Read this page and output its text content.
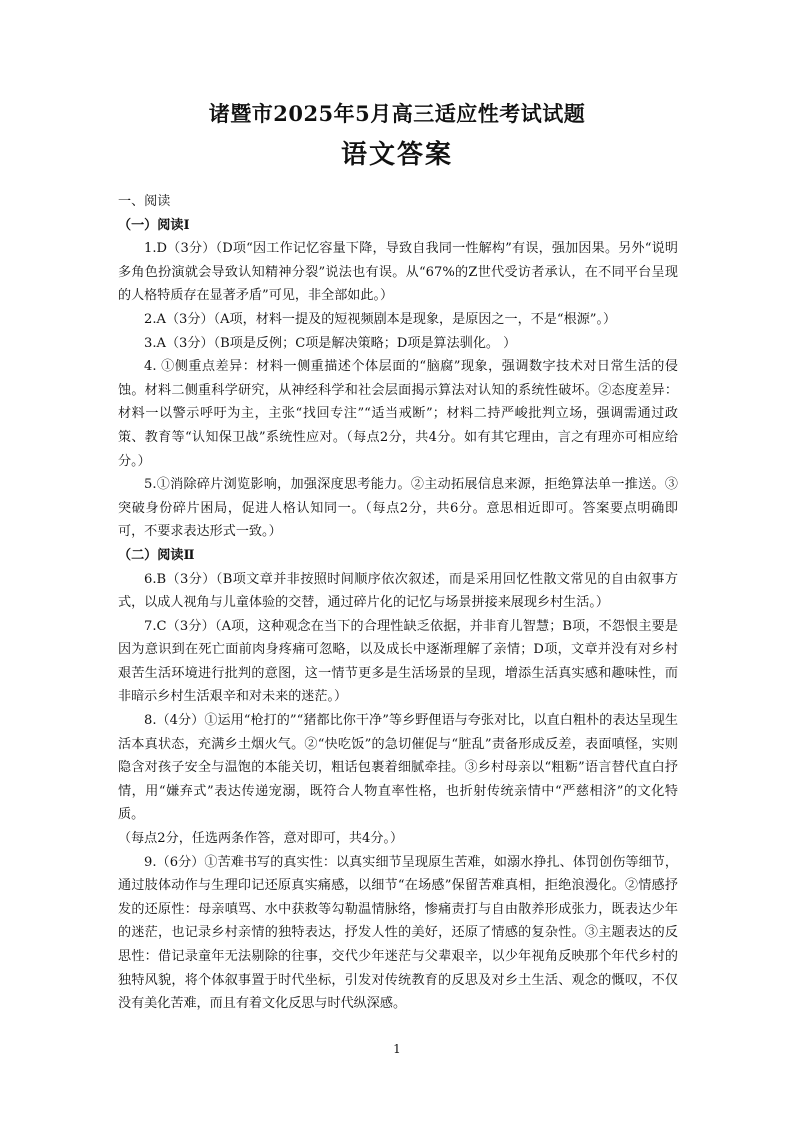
诸暨市2025年5月高三适应性考试试题
语文答案

一、阅读

（一）阅读Ⅰ

1.D（3分）（D项“因工作记忆容量下降，导致自我同一性解构”有误，强加因果。另外“说明多角色扮演就会导致认知精神分裂”说法也有误。从“67%的Z世代受访者承认，在不同平台呈现的人格特质存在显著矛盾”可见，非全部如此。）

2.A（3分）（A项，材料一提及的短视频剧本是现象，是原因之一，不是“根源”。）

3.A（3分）（B项是反例；C项是解决策略；D项是算法驯化。 ）

4. ①侧重点差异：材料一侧重描述个体层面的“脑腐”现象，强调数字技术对日常生活的侵蚀。材料二侧重科学研究，从神经科学和社会层面揭示算法对认知的系统性破坏。②态度差异：材料一以警示呼吁为主，主张“找回专注”“适当戒断”；材料二持严峻批判立场，强调需通过政策、教育等“认知保卫战”系统性应对。（每点2分，共4分。如有其它理由，言之有理亦可相应给分。）

5.①消除碎片浏览影响，加强深度思考能力。②主动拓展信息来源，拒绝算法单一推送。③突破身份碎片困局，促进人格认知同一。（每点2分，共6分。意思相近即可。答案要点明确即可，不要求表达形式一致。）

（二）阅读Ⅱ

6.B（3分）（B项文章并非按照时间顺序依次叙述，而是采用回忆性散文常见的自由叙事方式，以成人视角与儿童体验的交替，通过碎片化的记忆与场景拼接来展现乡村生活。）

7.C（3分）（A项，这种观念在当下的合理性缺乏依据，并非育儿智慧；B项，不怨恨主要是因为意识到在死亡面前肉身疼痛可忽略，以及成长中逐渐理解了亲情；D项，文章并没有对乡村艰苦生活环境进行批判的意图，这一情节更多是生活场景的呈现，增添生活真实感和趣味性，而非暗示乡村生活艰辛和对未来的迷茫。）

8.（4分）①运用“枪打的”“猪都比你干净”等乡野俚语与夸张对比，以直白粗朴的表达呈现生活本真状态，充满乡土烟火气。②“快吃饭”的急切催促与“脏乱”责备形成反差，表面嗔怪，实则隐含对孩子安全与温饱的本能关切，粗话包裹着细腻牵挂。③乡村母亲以“粗粝”语言替代直白抒情，用“嫌弃式”表达传递宠溺，既符合人物直率性格，也折射传统亲情中“严慈相济”的文化特质。

（每点2分，任选两条作答，意对即可，共4分。）

9.（6分）①苦难书写的真实性：以真实细节呈现原生苦难，如溺水挣扎、体罚创伤等细节，通过肢体动作与生理印记还原真实痛感，以细节“在场感”保留苦难真相，拒绝浪漫化。②情感抒发的还原性：母亲嗔骂、水中获救等勾勒温情脉络，惨痛责打与自由散养形成张力，既表达少年的迷茫，也记录乡村亲情的独特表达，抒发人性的美好，还原了情感的复杂性。③主题表达的反思性：借记录童年无法剔除的往事，交代少年迷茫与父辈艰辛，以少年视角反映那个年代乡村的独特风貌，将个体叙事置于时代坐标，引发对传统教育的反思及对乡土生活、观念的慨叹，不仅没有美化苦难，而且有着文化反思与时代纵深感。

1
